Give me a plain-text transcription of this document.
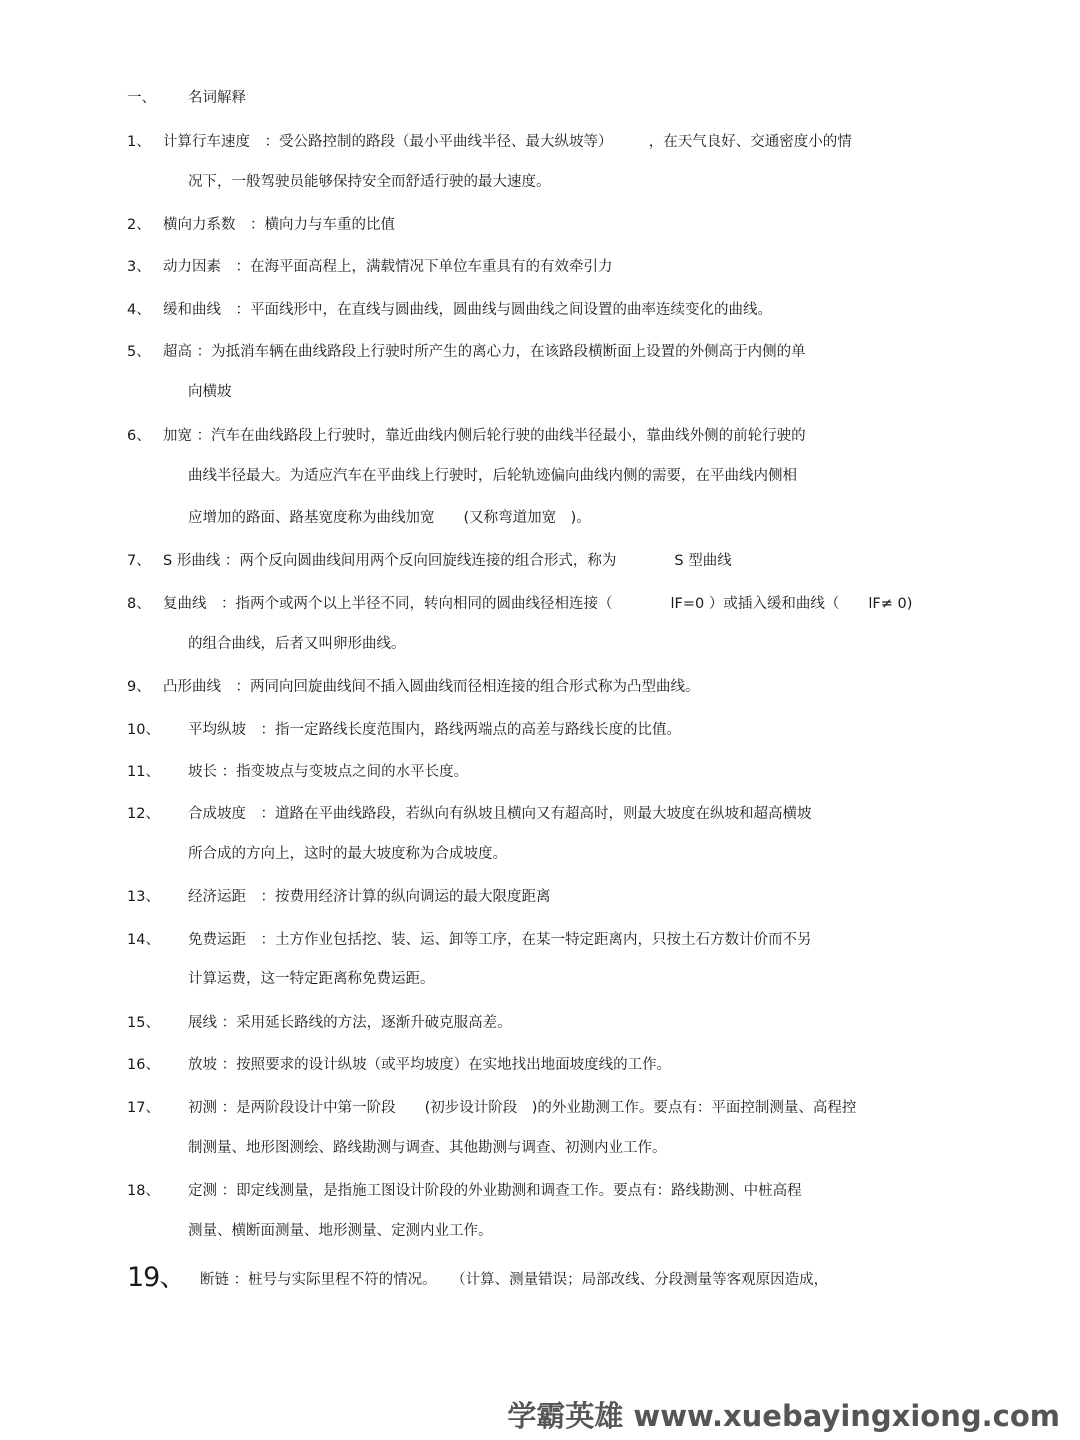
一、 名词解释
1、 计算行车速度　：受公路控制的路段（最小平曲线半径、最大纵坡等）　　　，在天气良好、交通密度小的情
况下，一般驾驶员能够保持安全而舒适行驶的最大速度。
2、 横向力系数　：横向力与车重的比值
3、 动力因素　：在海平面高程上，满载情况下单位车重具有的有效牵引力
4、 缓和曲线　：平面线形中，在直线与圆曲线，圆曲线与圆曲线之间设置的曲率连续变化的曲线。
5、 超高 ：为抵消车辆在曲线路段上行驶时所产生的离心力，在该路段横断面上设置的外侧高于内侧的单
向横坡
6、 加宽 ：汽车在曲线路段上行驶时，靠近曲线内侧后轮行驶的曲线半径最小，靠曲线外侧的前轮行驶的
曲线半径最大。为适应汽车在平曲线上行驶时，后轮轨迹偏向曲线内侧的需要，在平曲线内侧相
应增加的路面、路基宽度称为曲线加宽　　(又称弯道加宽　)。
7、 S 形曲线 ：两个反向圆曲线间用两个反向回旋线连接的组合形式，称为　　　　S 型曲线
8、 复曲线　：指两个或两个以上半径不同，转向相同的圆曲线径相连接（　　　　lF=0 ）或插入缓和曲线（　　lF≠ 0)
的组合曲线，后者又叫卵形曲线。
9、 凸形曲线　：两同向回旋曲线间不插入圆曲线而径相连接的组合形式称为凸型曲线。
10、 平均纵坡　：指一定路线长度范围内，路线两端点的高差与路线长度的比值。
11、 坡长 ：指变坡点与变坡点之间的水平长度。
12、 合成坡度　：道路在平曲线路段，若纵向有纵坡且横向又有超高时，则最大坡度在纵坡和超高横坡
所合成的方向上，这时的最大坡度称为合成坡度。
13、 经济运距　：按费用经济计算的纵向调运的最大限度距离
14、 免费运距　：土方作业包括挖、装、运、卸等工序，在某一特定距离内，只按土石方数计价而不另
计算运费，这一特定距离称免费运距。
15、 展线 ：采用延长路线的方法，逐渐升破克服高差。
16、 放坡 ：按照要求的设计纵坡（或平均坡度）在实地找出地面坡度线的工作。
17、 初测 ：是两阶段设计中第一阶段　　(初步设计阶段　)的外业勘测工作。要点有：平面控制测量、高程控
制测量、地形图测绘、路线勘测与调查、其他勘测与调查、初测内业工作。
18、 定测 ：即定线测量，是指施工图设计阶段的外业勘测和调查工作。要点有：路线勘测、中桩高程
测量、横断面测量、地形测量、定测内业工作。
19、 断链 ：桩号与实际里程不符的情况。　　（计算、测量错误；局部改线、分段测量等客观原因造成，
学霸英雄 www.xuebayingxiong.com
